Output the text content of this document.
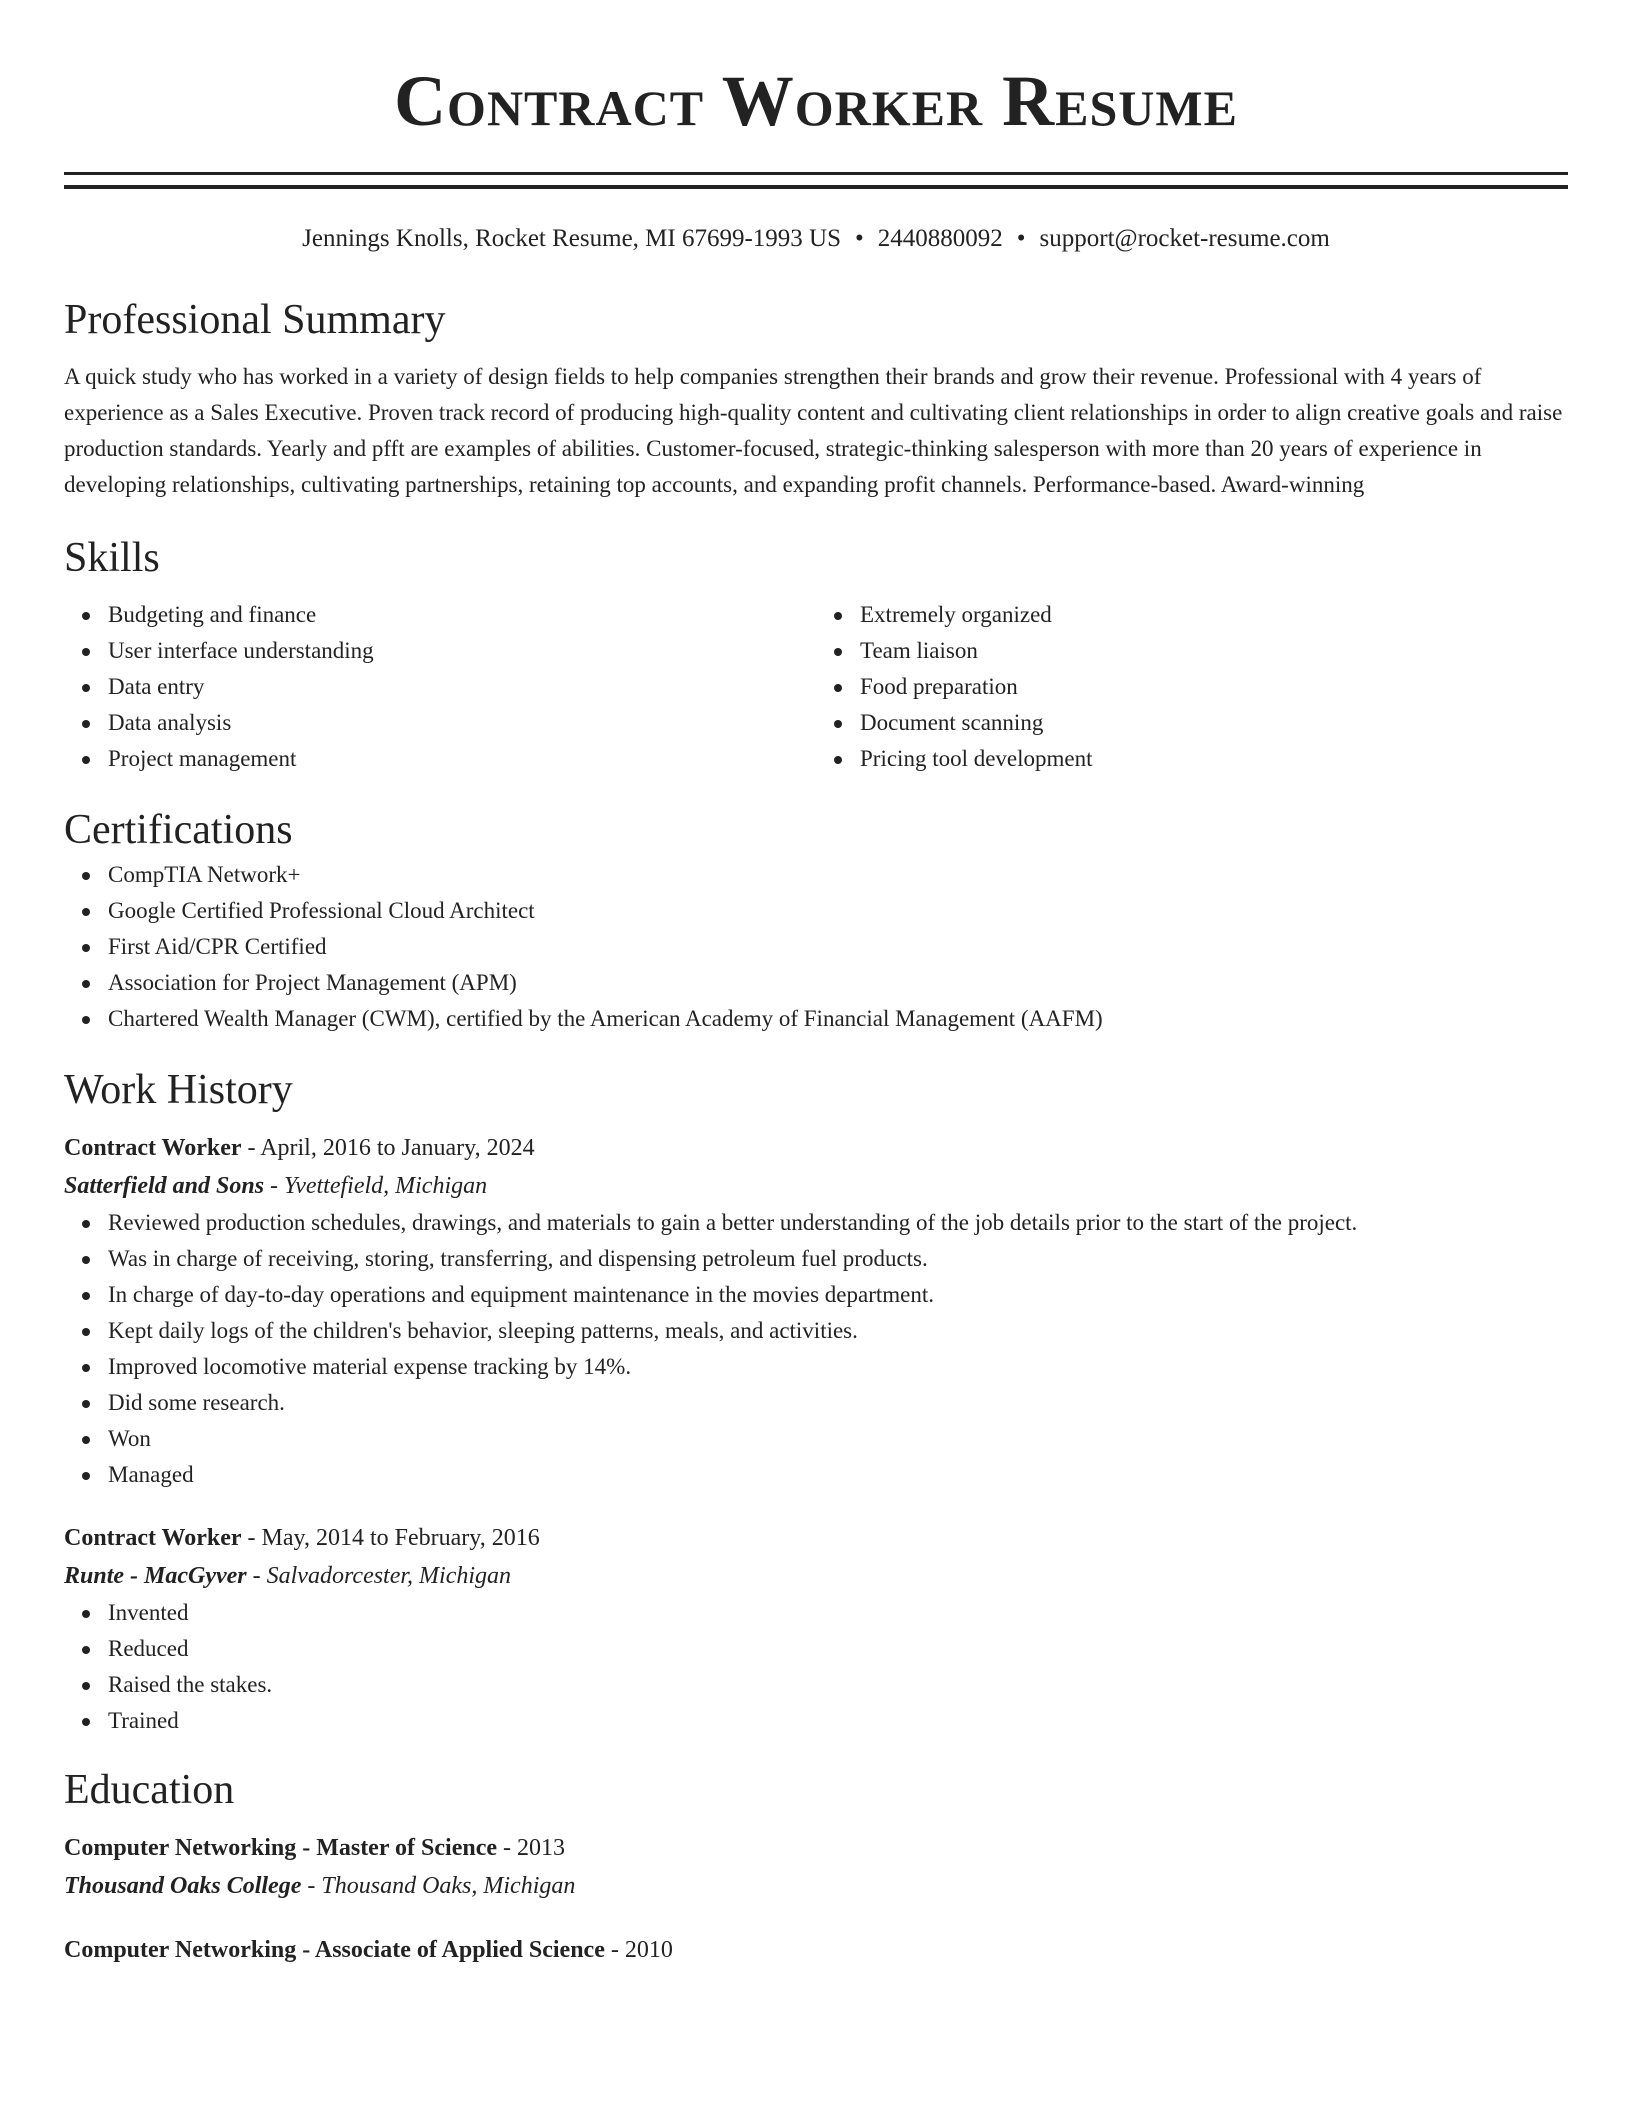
Contract Worker Resume
Jennings Knolls, Rocket Resume, MI 67699-1993 US • 2440880092 • support@rocket-resume.com
Professional Summary

A quick study who has worked in a variety of design fields to help companies strengthen their brands and grow their revenue. Professional with 4 years of experience as a Sales Executive. Proven track record of producing high-quality content and cultivating client relationships in order to align creative goals and raise production standards. Yearly and pfft are examples of abilities. Customer-focused, strategic-thinking salesperson with more than 20 years of experience in developing relationships, cultivating partnerships, retaining top accounts, and expanding profit channels. Performance-based. Award-winning

Skills
Budgeting and finance
User interface understanding
Data entry
Data analysis
Project management
Extremely organized
Team liaison
Food preparation
Document scanning
Pricing tool development
Certifications
CompTIA Network+
Google Certified Professional Cloud Architect
First Aid/CPR Certified
Association for Project Management (APM)
Chartered Wealth Manager (CWM), certified by the American Academy of Financial Management (AAFM)
Work History
Contract Worker - April, 2016 to January, 2024
Satterfield and Sons - Yvettefield, Michigan
Reviewed production schedules, drawings, and materials to gain a better understanding of the job details prior to the start of the project.
Was in charge of receiving, storing, transferring, and dispensing petroleum fuel products.
In charge of day-to-day operations and equipment maintenance in the movies department.
Kept daily logs of the children's behavior, sleeping patterns, meals, and activities.
Improved locomotive material expense tracking by 14%.
Did some research.
Won
Managed
Contract Worker - May, 2014 to February, 2016
Runte - MacGyver - Salvadorcester, Michigan
Invented
Reduced
Raised the stakes.
Trained
Education
Computer Networking - Master of Science - 2013
Thousand Oaks College - Thousand Oaks, Michigan
Computer Networking - Associate of Applied Science - 2010
